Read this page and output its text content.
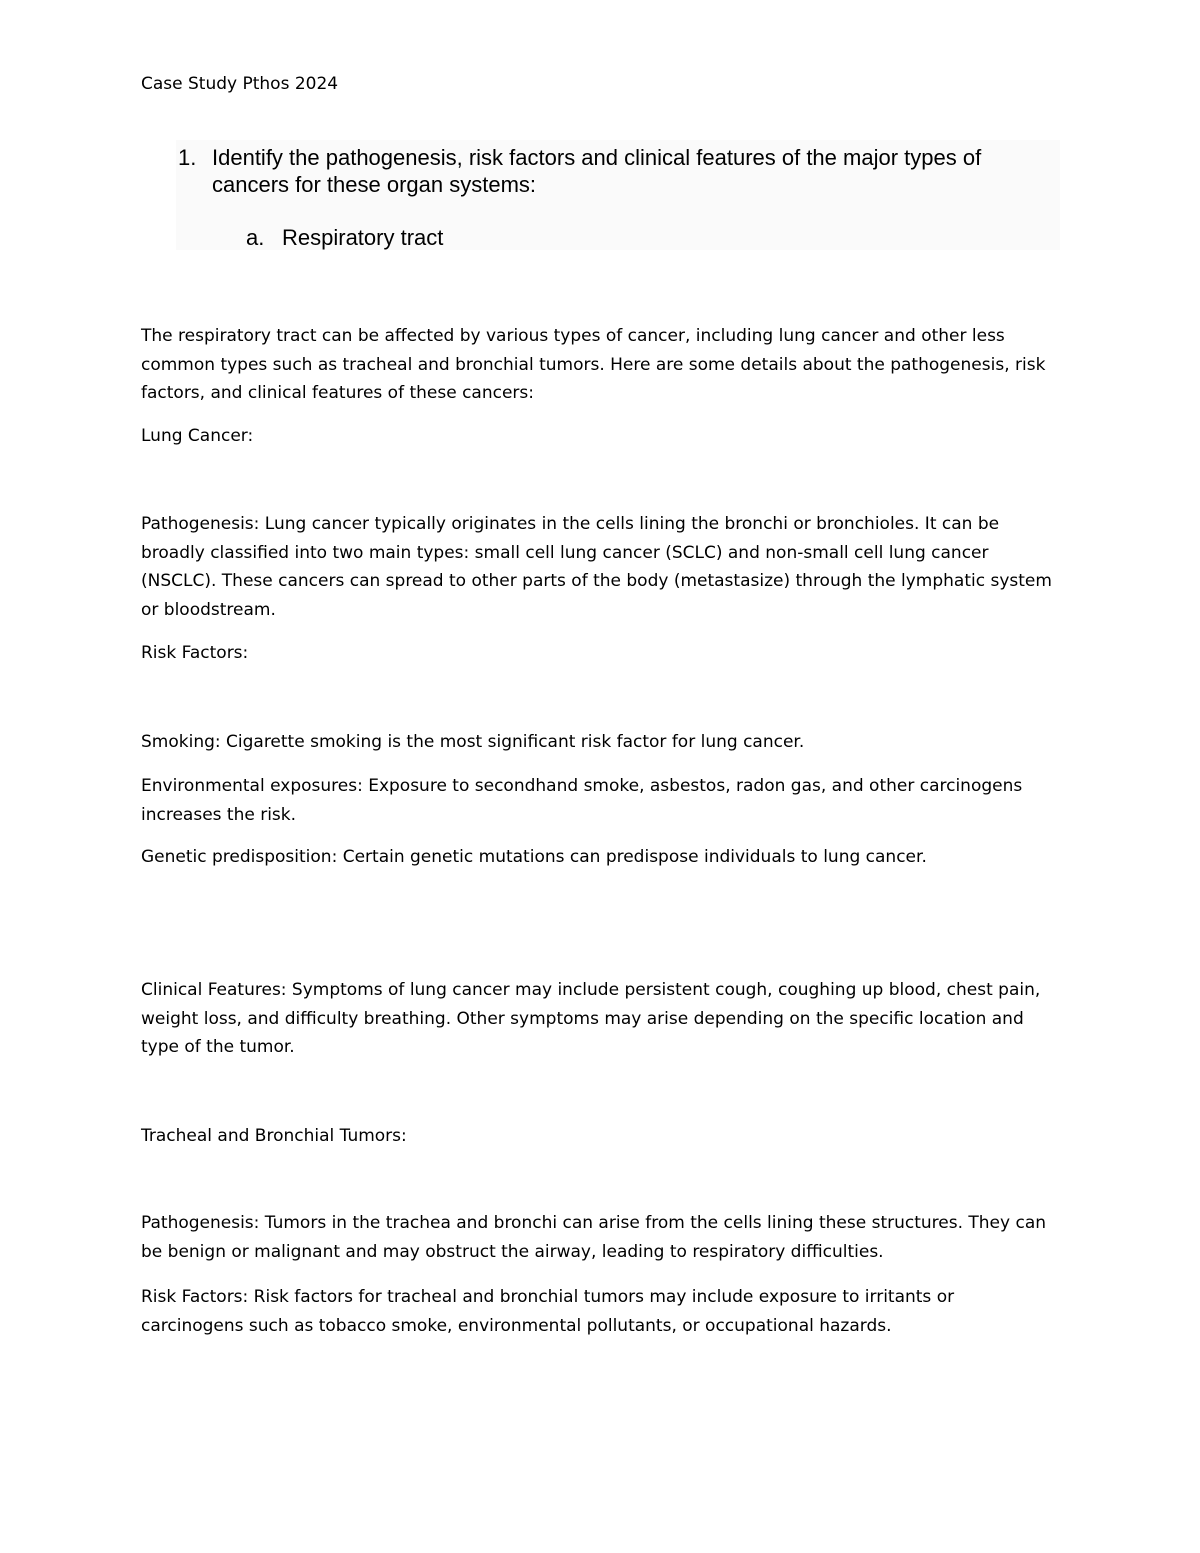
Case Study Pthos 2024
1. Identify the pathogenesis, risk factors and clinical features of the major types of cancers for these organ systems:
a. Respiratory tract

The respiratory tract can be affected by various types of cancer, including lung cancer and other less common types such as tracheal and bronchial tumors. Here are some details about the pathogenesis, risk factors, and clinical features of these cancers:

Lung Cancer:

Pathogenesis: Lung cancer typically originates in the cells lining the bronchi or bronchioles. It can be broadly classified into two main types: small cell lung cancer (SCLC) and non-small cell lung cancer (NSCLC). These cancers can spread to other parts of the body (metastasize) through the lymphatic system or bloodstream.

Risk Factors:

Smoking: Cigarette smoking is the most significant risk factor for lung cancer.

Environmental exposures: Exposure to secondhand smoke, asbestos, radon gas, and other carcinogens increases the risk.

Genetic predisposition: Certain genetic mutations can predispose individuals to lung cancer.

Clinical Features: Symptoms of lung cancer may include persistent cough, coughing up blood, chest pain, weight loss, and difficulty breathing. Other symptoms may arise depending on the specific location and type of the tumor.

Tracheal and Bronchial Tumors:

Pathogenesis: Tumors in the trachea and bronchi can arise from the cells lining these structures. They can be benign or malignant and may obstruct the airway, leading to respiratory difficulties.

Risk Factors: Risk factors for tracheal and bronchial tumors may include exposure to irritants or carcinogens such as tobacco smoke, environmental pollutants, or occupational hazards.
